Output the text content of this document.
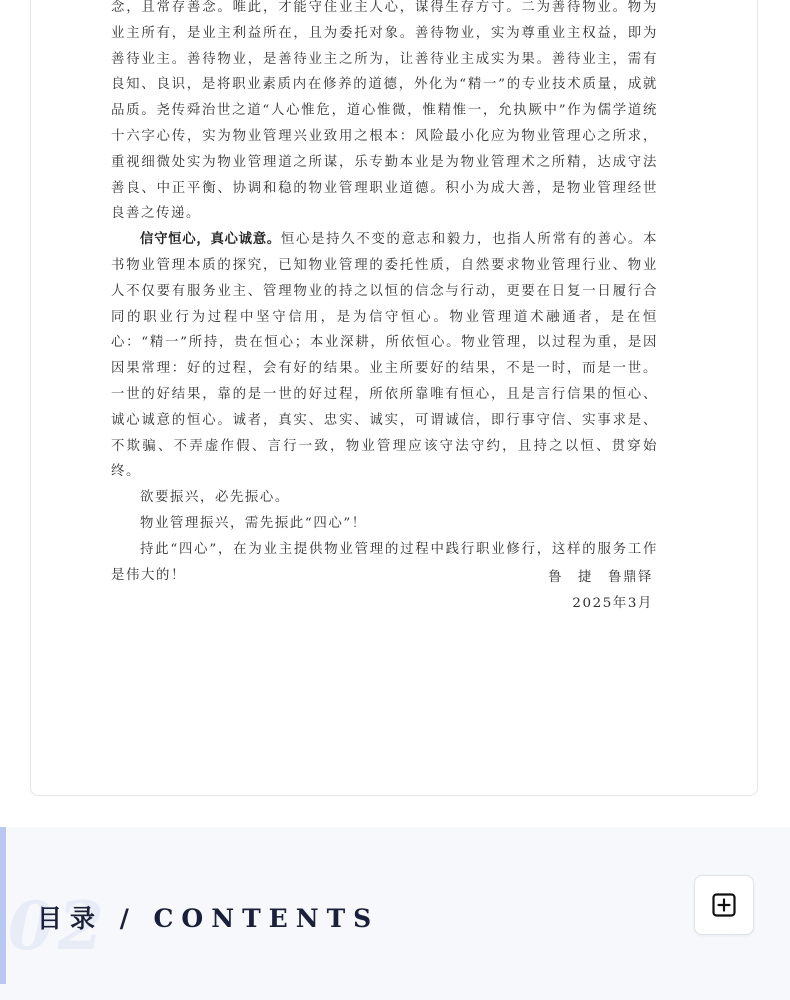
念，且常存善念。唯此，才能守住业主人心，谋得生存方寸。二为善待物业。物为业主所有，是业主利益所在，且为委托对象。善待物业，实为尊重业主权益，即为善待业主。善待物业，是善待业主之所为，让善待业主成实为果。善待业主，需有良知、良识，是将职业素质内在修养的道德，外化为“精一”的专业技术质量，成就品质。尧传舜治世之道“人心惟危，道心惟微，惟精惟一，允执厥中”作为儒学道统十六字心传，实为物业管理兴业致用之根本：风险最小化应为物业管理心之所求，重视细微处实为物业管理道之所谋，乐专勤本业是为物业管理术之所精，达成守法善良、中正平衡、协调和稳的物业管理职业道德。积小为成大善，是物业管理经世良善之传递。

信守恒心，真心诚意。恒心是持久不变的意志和毅力，也指人所常有的善心。本书物业管理本质的探究，已知物业管理的委托性质，自然要求物业管理行业、物业人不仅要有服务业主、管理物业的持之以恒的信念与行动，更要在日复一日履行合同的职业行为过程中坚守信用，是为信守恒心。物业管理道术融通者，是在恒心：“精一”所持，贵在恒心；本业深耕，所依恒心。物业管理，以过程为重，是因因果常理：好的过程，会有好的结果。业主所要好的结果，不是一时，而是一世。一世的好结果，靠的是一世的好过程，所依所靠唯有恒心，且是言行信果的恒心、诚心诚意的恒心。诚者，真实、忠实、诚实，可谓诚信，即行事守信、实事求是、不欺骗、不弄虚作假、言行一致，物业管理应该守法守约，且持之以恒、贯穿始终。

欲要振兴，必先振心。

物业管理振兴，需先振此“四心”！

持此“四心”，在为业主提供物业管理的过程中践行职业修行，这样的服务工作是伟大的！	鲁　捷　鲁鼎铎
2025年3月
02
目录 / CONTENTS
